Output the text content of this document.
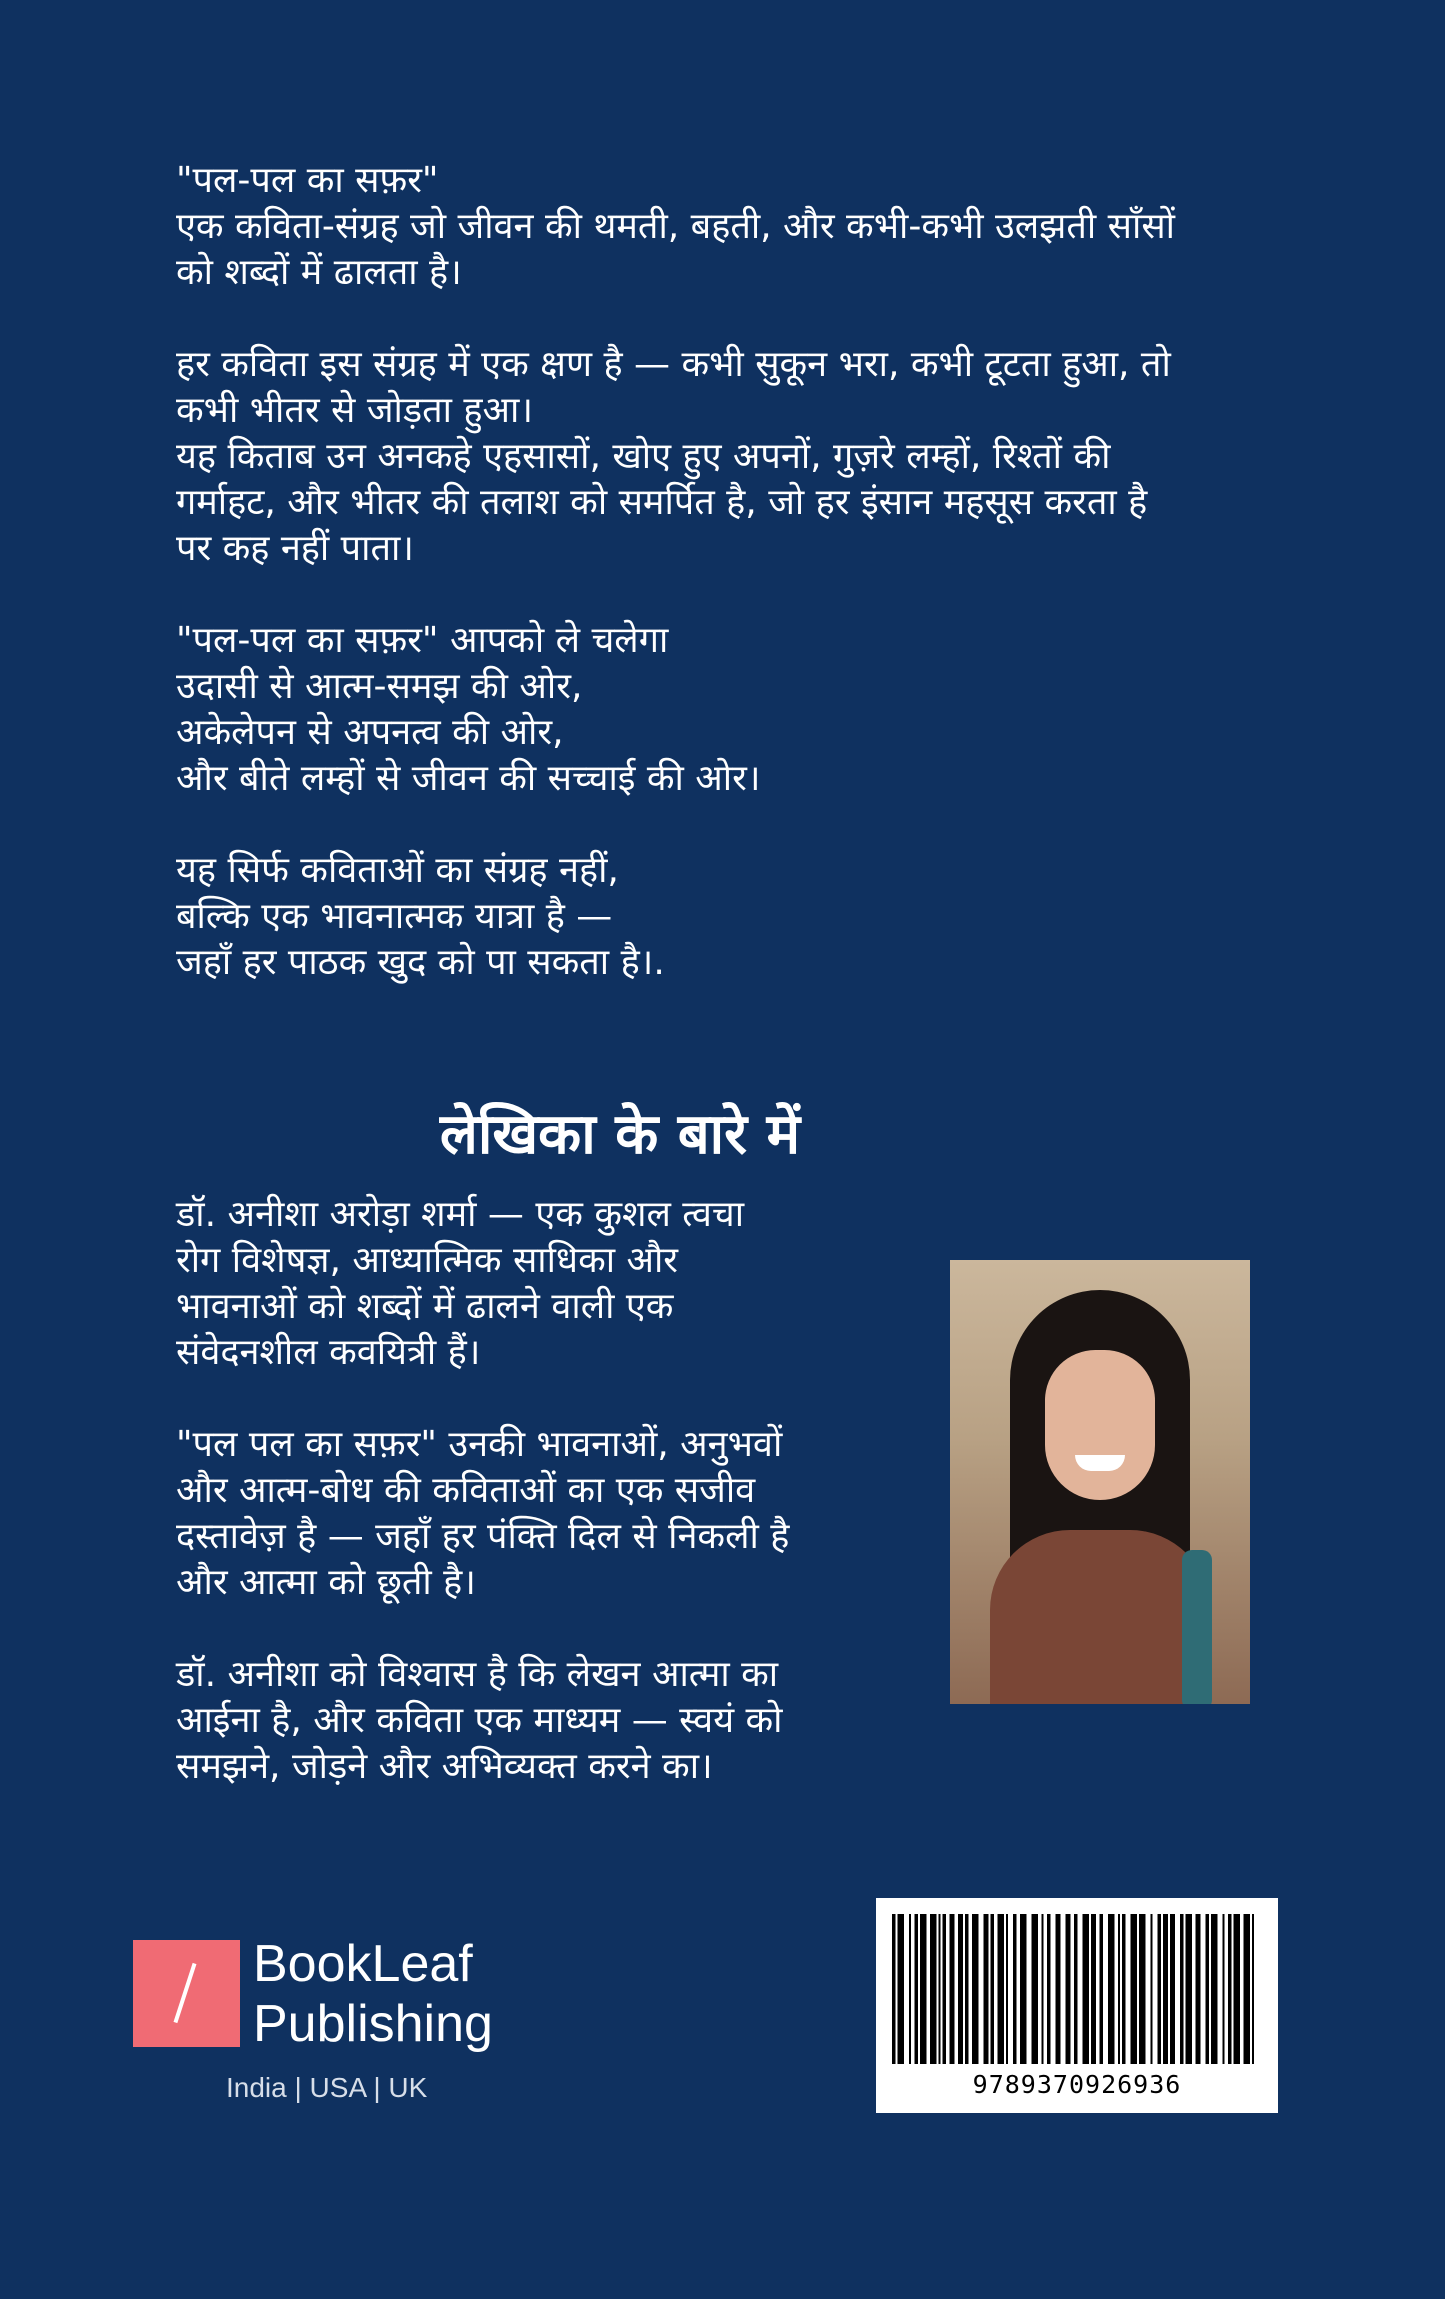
"पल-पल का सफ़र"
एक कविता-संग्रह जो जीवन की थमती, बहती, और कभी-कभी उलझती साँसों
को शब्दों में ढालता है।

हर कविता इस संग्रह में एक क्षण है — कभी सुकून भरा, कभी टूटता हुआ, तो
कभी भीतर से जोड़ता हुआ।
यह किताब उन अनकहे एहसासों, खोए हुए अपनों, गुज़रे लम्हों, रिश्तों की
गर्माहट, और भीतर की तलाश को समर्पित है, जो हर इंसान महसूस करता है
पर कह नहीं पाता।

"पल-पल का सफ़र" आपको ले चलेगा
उदासी से आत्म-समझ की ओर,
अकेलेपन से अपनत्व की ओर,
और बीते लम्हों से जीवन की सच्चाई की ओर।

यह सिर्फ कविताओं का संग्रह नहीं,
बल्कि एक भावनात्मक यात्रा है —
जहाँ हर पाठक खुद को पा सकता है।.

लेखिका के बारे में

डॉ. अनीशा अरोड़ा शर्मा — एक कुशल त्वचा
रोग विशेषज्ञ, आध्यात्मिक साधिका और
भावनाओं को शब्दों में ढालने वाली एक
संवेदनशील कवयित्री हैं।

"पल पल का सफ़र" उनकी भावनाओं, अनुभवों
और आत्म-बोध की कविताओं का एक सजीव
दस्तावेज़ है — जहाँ हर पंक्ति दिल से निकली है
और आत्मा को छूती है।

डॉ. अनीशा को विश्वास है कि लेखन आत्मा का
आईना है, और कविता एक माध्यम — स्वयं को
समझने, जोड़ने और अभिव्यक्त करने का।

BookLeaf
Publishing
India | USA | UK	9789370926936
